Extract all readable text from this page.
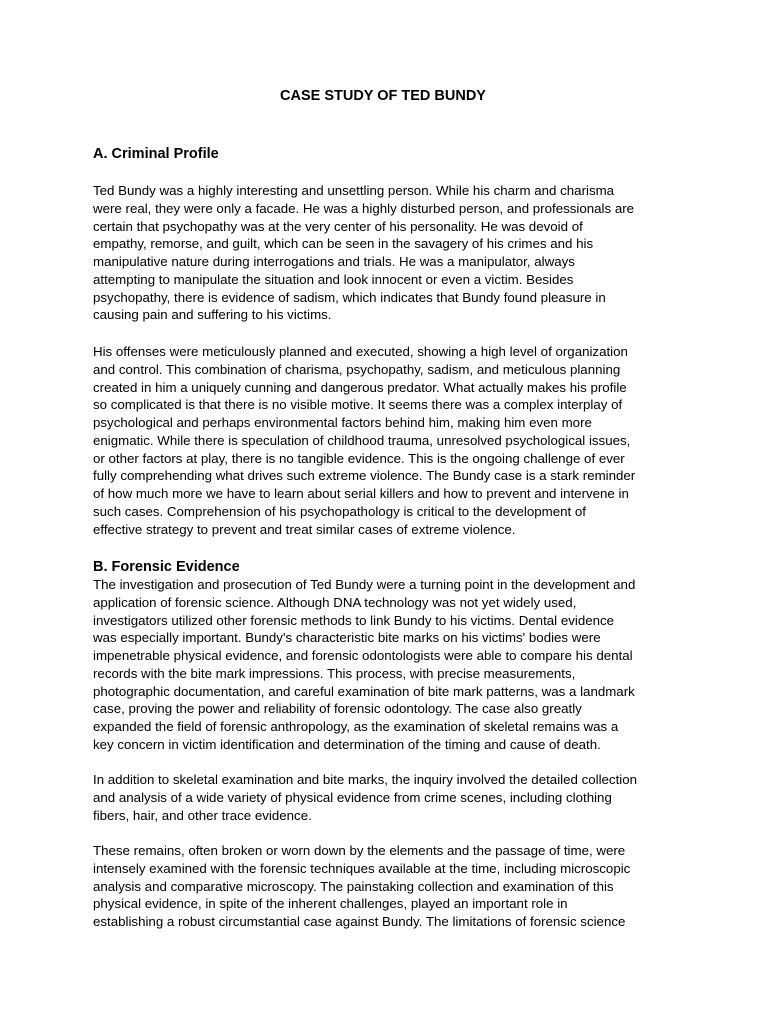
CASE STUDY OF TED BUNDY
A. Criminal Profile

Ted Bundy was a highly interesting and unsettling person. While his charm and charisma
were real, they were only a facade. He was a highly disturbed person, and professionals are
certain that psychopathy was at the very center of his personality. He was devoid of
empathy, remorse, and guilt, which can be seen in the savagery of his crimes and his
manipulative nature during interrogations and trials. He was a manipulator, always
attempting to manipulate the situation and look innocent or even a victim. Besides
psychopathy, there is evidence of sadism, which indicates that Bundy found pleasure in
causing pain and suffering to his victims.

His offenses were meticulously planned and executed, showing a high level of organization
and control. This combination of charisma, psychopathy, sadism, and meticulous planning
created in him a uniquely cunning and dangerous predator. What actually makes his profile
so complicated is that there is no visible motive. It seems there was a complex interplay of
psychological and perhaps environmental factors behind him, making him even more
enigmatic. While there is speculation of childhood trauma, unresolved psychological issues,
or other factors at play, there is no tangible evidence. This is the ongoing challenge of ever
fully comprehending what drives such extreme violence. The Bundy case is a stark reminder
of how much more we have to learn about serial killers and how to prevent and intervene in
such cases. Comprehension of his psychopathology is critical to the development of
effective strategy to prevent and treat similar cases of extreme violence.

B. Forensic Evidence

The investigation and prosecution of Ted Bundy were a turning point in the development and
application of forensic science. Although DNA technology was not yet widely used,
investigators utilized other forensic methods to link Bundy to his victims. Dental evidence
was especially important. Bundy's characteristic bite marks on his victims' bodies were
impenetrable physical evidence, and forensic odontologists were able to compare his dental
records with the bite mark impressions. This process, with precise measurements,
photographic documentation, and careful examination of bite mark patterns, was a landmark
case, proving the power and reliability of forensic odontology. The case also greatly
expanded the field of forensic anthropology, as the examination of skeletal remains was a
key concern in victim identification and determination of the timing and cause of death.

In addition to skeletal examination and bite marks, the inquiry involved the detailed collection
and analysis of a wide variety of physical evidence from crime scenes, including clothing
fibers, hair, and other trace evidence.

These remains, often broken or worn down by the elements and the passage of time, were
intensely examined with the forensic techniques available at the time, including microscopic
analysis and comparative microscopy. The painstaking collection and examination of this
physical evidence, in spite of the inherent challenges, played an important role in
establishing a robust circumstantial case against Bundy. The limitations of forensic science
